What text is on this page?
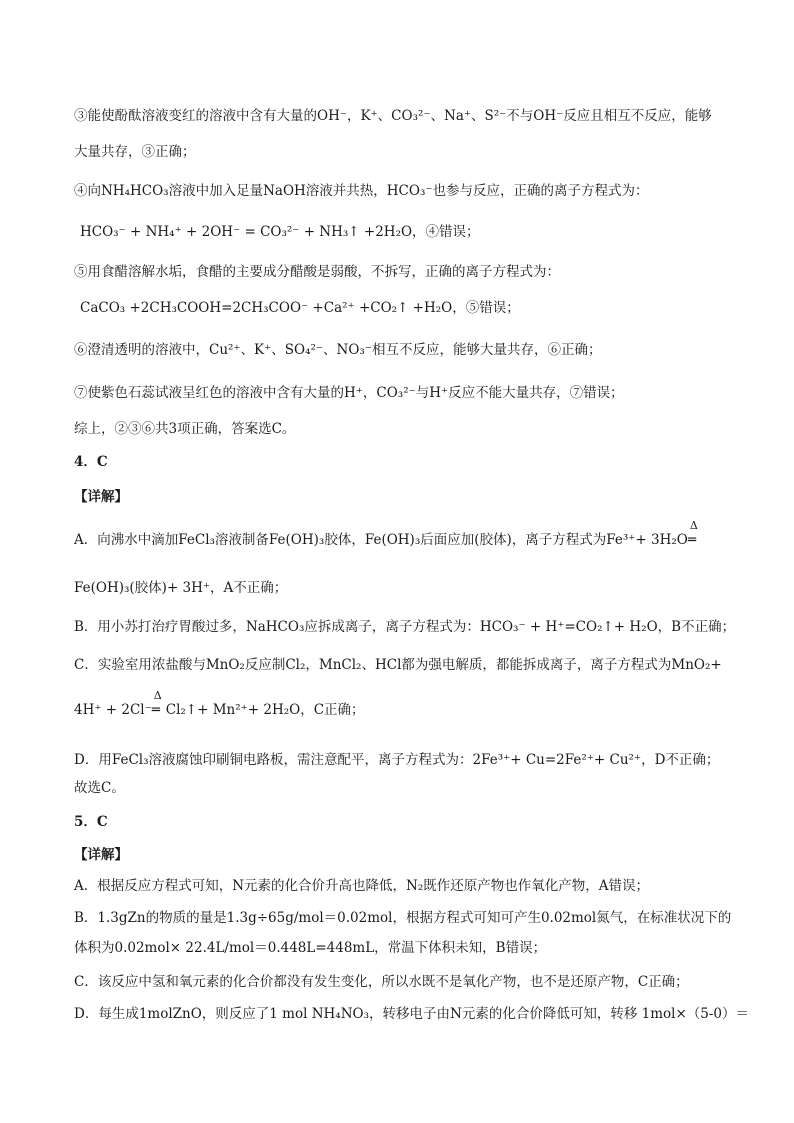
③能使酚酞溶液变红的溶液中含有大量的OH⁻，K⁺、CO₃²⁻、Na⁺、S²⁻不与OH⁻反应且相互不反应，能够
大量共存，③正确；
④向NH₄HCO₃溶液中加入足量NaOH溶液并共热，HCO₃⁻也参与反应，正确的离子方程式为：
HCO₃⁻ + NH₄⁺ + 2OH⁻ = CO₃²⁻ + NH₃↑ +2H₂O，④错误；
⑤用食醋溶解水垢，食醋的主要成分醋酸是弱酸，不拆写，正确的离子方程式为：
CaCO₃ +2CH₃COOH=2CH₃COO⁻ +Ca²⁺ +CO₂↑ +H₂O，⑤错误；
⑥澄清透明的溶液中，Cu²⁺、K⁺、SO₄²⁻、NO₃⁻相互不反应，能够大量共存，⑥正确；
⑦使紫色石蕊试液呈红色的溶液中含有大量的H⁺，CO₃²⁻与H⁺反应不能大量共存，⑦错误；
综上，②③⑥共3项正确，答案选C。
4．C
【详解】
A．向沸水中滴加FeCl₃溶液制备Fe(OH)₃胶体，Fe(OH)₃后面应加(胶体)，离子方程式为Fe³⁺+ 3H₂O
Δ
═
Fe(OH)₃(胶体)+ 3H⁺，A不正确；
B．用小苏打治疗胃酸过多，NaHCO₃应拆成离子，离子方程式为：HCO₃⁻ + H⁺=CO₂↑+ H₂O，B不正确；
C．实验室用浓盐酸与MnO₂反应制Cl₂，MnCl₂、HCl都为强电解质，都能拆成离子，离子方程式为MnO₂+
4H⁺ + 2Cl⁻
Δ
═ Cl₂↑+ Mn²⁺+ 2H₂O，C正确；
D．用FeCl₃溶液腐蚀印刷铜电路板，需注意配平，离子方程式为：2Fe³⁺+ Cu=2Fe²⁺+ Cu²⁺，D不正确；
故选C。
5．C
【详解】
A．根据反应方程式可知，N元素的化合价升高也降低，N₂既作还原产物也作氧化产物，A错误；
B．1.3gZn的物质的量是1.3g÷65g/mol＝0.02mol，根据方程式可知可产生0.02mol氮气，在标准状况下的
体积为0.02mol× 22.4L/mol＝0.448L=448mL，常温下体积未知，B错误；
C．该反应中氢和氧元素的化合价都没有发生变化，所以水既不是氧化产物，也不是还原产物，C正确；
D．每生成1molZnO，则反应了1 mol NH₄NO₃，转移电子由N元素的化合价降低可知，转移 1mol×（5-0）＝
